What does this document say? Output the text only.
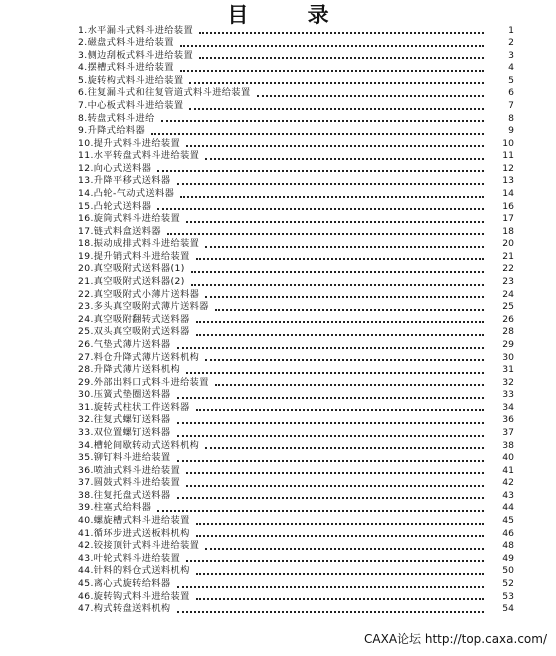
目 录
1.水平漏斗式料斗进给装置	1
2.磁盘式料斗进给装置	2
3.侧边刮板式料斗进给装置	3
4.摆槽式料斗进给装置	4
5.旋转构式料斗进给装置	5
6.往复漏斗式和往复管道式料斗进给装置	6
7.中心板式料斗进给装置	7
8.转盘式料斗进给	8
9.升降式给料器	9
10.提升式料斗进给装置	10
11.水平转盘式料斗进给装置	11
12.向心式送料器	12
13.升降平移式送料器	13
14.凸轮-气动式送料器	14
15.凸轮式送料器	16
16.旋筒式料斗进给装置	17
17.链式料盒送料器	18
18.振动成排式料斗进给装置	20
19.提升销式料斗进给装置	21
20.真空吸附式送料器(1)	22
21.真空吸附式送料器(2)	23
22.真空吸附式小薄片送料器	24
23.多头真空吸附式薄片送料器	25
24.真空吸附翻转式送料器	26
25.双头真空吸附式送料器	28
26.气垫式薄片送料器	29
27.料仓升降式薄片送料机构	30
28.升降式薄片送料机构	31
29.外部出料口式料斗进给装置	32
30.压簧式垫圈送料器	33
31.旋转式柱状工件送料器	34
32.往复式螺钉送料器	36
33.双位置螺钉送料器	37
34.槽轮间歇转动式送料机构	38
35.铆钉料斗进给装置	40
36.喷油式料斗进给装置	41
37.圆鼓式料斗进给装置	42
38.往复托盘式送料器	43
39.柱塞式给料器	44
40.螺旋槽式料斗进给装置	45
41.循环步进式送板料机构	46
42.铰接顶针式料斗进给装置	48
43.叶轮式料斗进给装置	49
44.针料的料仓式送料机构	50
45.离心式旋转给料器	52
46.旋转钩式料斗进给装置	53
47.构式转盘送料机构	54
CAXA论坛 http://top.caxa.com/
